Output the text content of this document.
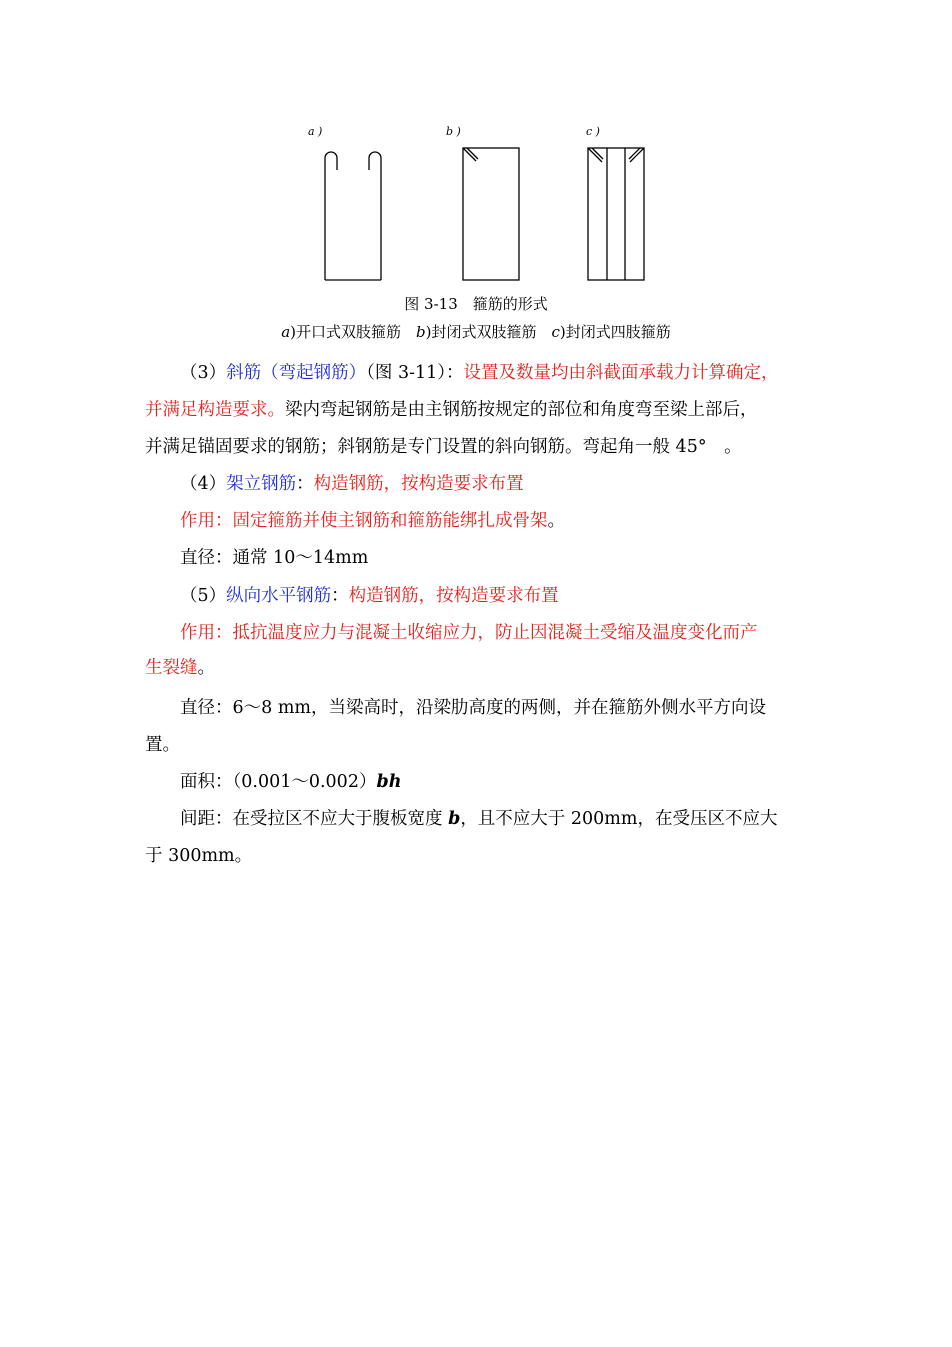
a )	b )	c )
图 3-13　箍筋的形式
a)开口式双肢箍筋　 b)封闭式双肢箍筋　 c)封闭式四肢箍筋
（3）斜筋（弯起钢筋）（图 3-11）：设置及数量均由斜截面承载力计算确定，
并满足构造要求。梁内弯起钢筋是由主钢筋按规定的部位和角度弯至梁上部后，
并满足锚固要求的钢筋；斜钢筋是专门设置的斜向钢筋。弯起角一般 45°　。
（4）架立钢筋：构造钢筋，按构造要求布置
作用：固定箍筋并使主钢筋和箍筋能绑扎成骨架。
直径：通常 10～14mm
（5）纵向水平钢筋：构造钢筋，按构造要求布置
作用：抵抗温度应力与混凝土收缩应力，防止因混凝土受缩及温度变化而产
生裂缝。
直径：6～8 mm，当梁高时，沿梁肋高度的两侧，并在箍筋外侧水平方向设
置。
面积：（0.001～0.002）bh
间距：在受拉区不应大于腹板宽度 b，且不应大于 200mm，在受压区不应大
于 300mm。
